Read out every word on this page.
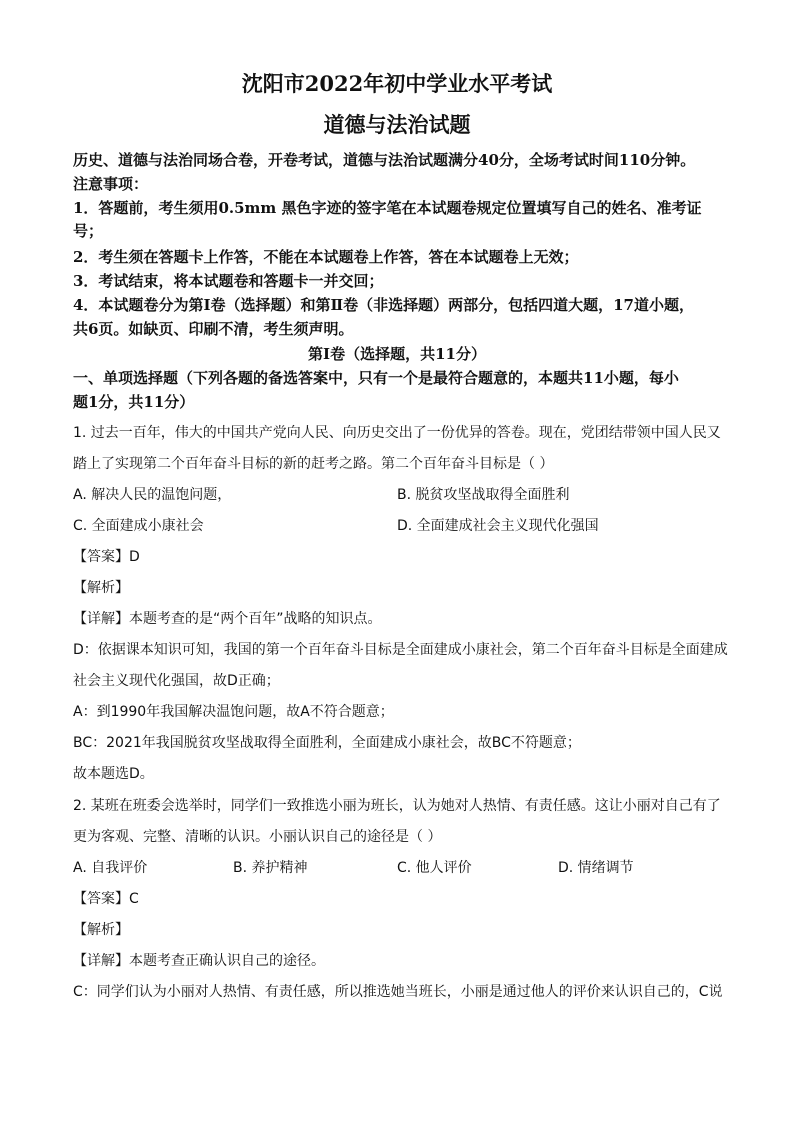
沈阳市2022年初中学业水平考试
道德与法治试题
历史、道德与法治同场合卷，开卷考试，道德与法治试题满分40分，全场考试时间110分钟。
注意事项：
1．答题前，考生须用0.5mm 黑色字迹的签字笔在本试题卷规定位置填写自己的姓名、准考证
号；
2．考生须在答题卡上作答，不能在本试题卷上作答，答在本试题卷上无效；
3．考试结束，将本试题卷和答题卡一并交回；
4．本试题卷分为第Ⅰ卷（选择题）和第Ⅱ卷（非选择题）两部分，包括四道大题，17道小题，
共6页。如缺页、印刷不清，考生须声明。
第Ⅰ卷（选择题，共11分）
一、单项选择题（下列各题的备选答案中，只有一个是最符合题意的，本题共11小题，每小
题1分，共11分）
1. 过去一百年，伟大的中国共产党向人民、向历史交出了一份优异的答卷。现在，党团结带领中国人民又
踏上了实现第二个百年奋斗目标的新的赶考之路。第二个百年奋斗目标是（ ）
A. 解决人民的温饱问题，	B. 脱贫攻坚战取得全面胜利
C. 全面建成小康社会	D. 全面建成社会主义现代化强国
【答案】D
【解析】
【详解】本题考查的是“两个百年”战略的知识点。
D：依据课本知识可知，我国的第一个百年奋斗目标是全面建成小康社会，第二个百年奋斗目标是全面建成
社会主义现代化强国，故D正确；
A：到1990年我国解决温饱问题，故A不符合题意；
BC：2021年我国脱贫攻坚战取得全面胜利，全面建成小康社会，故BC不符题意；
故本题选D。
2. 某班在班委会选举时，同学们一致推选小丽为班长，认为她对人热情、有责任感。这让小丽对自己有了
更为客观、完整、清晰的认识。小丽认识自己的途径是（ ）
A. 自我评价	B. 养护精神	C. 他人评价	D. 情绪调节
【答案】C
【解析】
【详解】本题考查正确认识自己的途径。
C：同学们认为小丽对人热情、有责任感，所以推选她当班长，小丽是通过他人的评价来认识自己的，C说
